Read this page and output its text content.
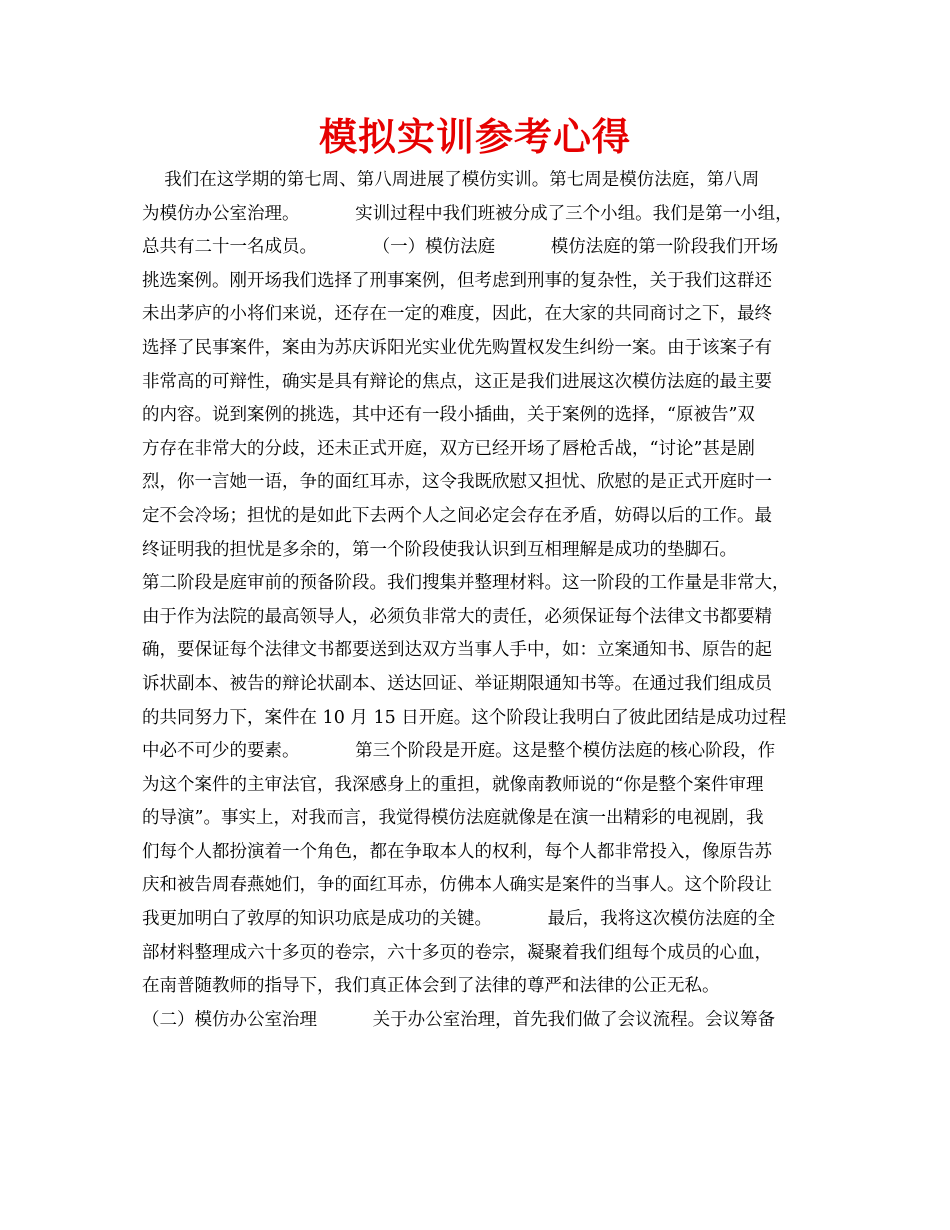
模拟实训参考心得
我们在这学期的第七周、第八周进展了模仿实训。第七周是模仿法庭，第八周
为模仿办公室治理。          实训过程中我们班被分成了三个小组。我们是第一小组，
总共有二十一名成员。          （一）模仿法庭          模仿法庭的第一阶段我们开场
挑选案例。刚开场我们选择了刑事案例，但考虑到刑事的复杂性，关于我们这群还
未出茅庐的小将们来说，还存在一定的难度，因此，在大家的共同商讨之下，最终
选择了民事案件，案由为苏庆诉阳光实业优先购置权发生纠纷一案。由于该案子有
非常高的可辩性，确实是具有辩论的焦点，这正是我们进展这次模仿法庭的最主要
的内容。说到案例的挑选，其中还有一段小插曲，关于案例的选择，“原被告”双
方存在非常大的分歧，还未正式开庭，双方已经开场了唇枪舌战，“讨论”甚是剧
烈，你一言她一语，争的面红耳赤，这令我既欣慰又担忧、欣慰的是正式开庭时一
定不会冷场；担忧的是如此下去两个人之间必定会存在矛盾，妨碍以后的工作。最
终证明我的担忧是多余的，第一个阶段使我认识到互相理解是成功的垫脚石。
第二阶段是庭审前的预备阶段。我们搜集并整理材料。这一阶段的工作量是非常大，
由于作为法院的最高领导人，必须负非常大的责任，必须保证每个法律文书都要精
确，要保证每个法律文书都要送到达双方当事人手中，如：立案通知书、原告的起
诉状副本、被告的辩论状副本、送达回证、举证期限通知书等。在通过我们组成员
的共同努力下，案件在 10 月 15 日开庭。这个阶段让我明白了彼此团结是成功过程
中必不可少的要素。          第三个阶段是开庭。这是整个模仿法庭的核心阶段，作
为这个案件的主审法官，我深感身上的重担，就像南教师说的“你是整个案件审理
的导演”。事实上，对我而言，我觉得模仿法庭就像是在演一出精彩的电视剧，我
们每个人都扮演着一个角色，都在争取本人的权利，每个人都非常投入，像原告苏
庆和被告周春燕她们，争的面红耳赤，仿佛本人确实是案件的当事人。这个阶段让
我更加明白了敦厚的知识功底是成功的关键。          最后，我将这次模仿法庭的全
部材料整理成六十多页的卷宗，六十多页的卷宗，凝聚着我们组每个成员的心血，
在南普随教师的指导下，我们真正体会到了法律的尊严和法律的公正无私。
（二）模仿办公室治理          关于办公室治理，首先我们做了会议流程。会议筹备
